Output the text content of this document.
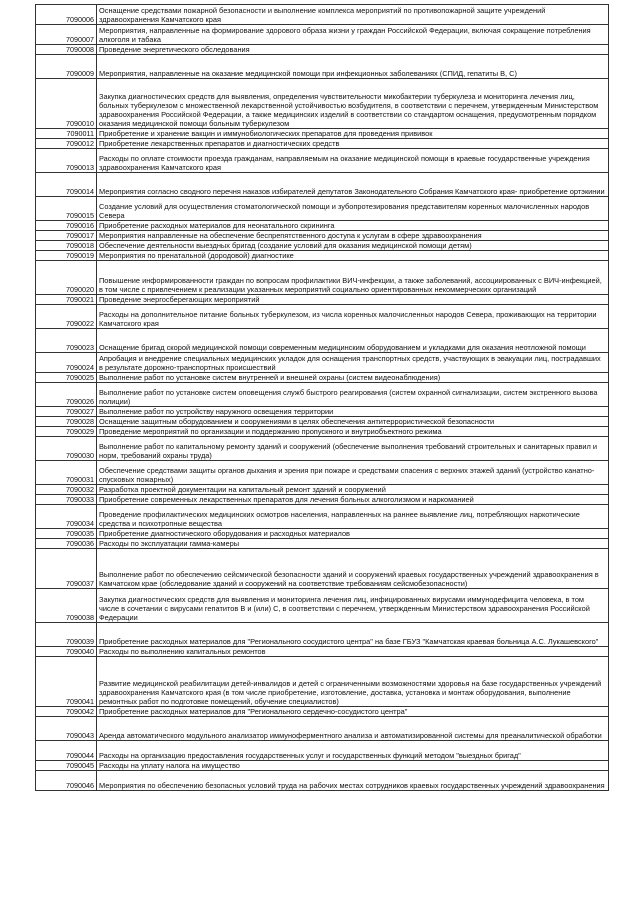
7090006	Оснащение средствами пожарной безопасности и выполнение комплекса мероприятий по противопожарной защите учреждений здравоохранения Камчатского края
7090007	Мероприятия, направленные на формирование здорового образа жизни у граждан Российской Федерации, включая сокращение потребления алкоголя и табака
7090008	Проведение энергетического обследования
7090009	Мероприятия, направленные на оказание медицинской помощи при инфекционных заболеваниях (СПИД, гепатиты В, С)
7090010	Закупка диагностических средств для выявления, определения чувствительности микобактерии туберкулеза и мониторинга лечения лиц, больных туберкулезом с множественной лекарственной устойчивостью возбудителя, в соответствии с перечнем, утвержденным Министерством здравоохранения Российской Федерации, а также медицинских изделий в соответствии со стандартом оснащения, предусмотренным порядком оказания медицинской помощи больным туберкулезом
7090011	Приобретение и хранение вакцин и иммунобиологических препаратов для проведения прививок
7090012	Приобретение лекарственных препаратов и диагностических средств
7090013	Расходы по оплате стоимости проезда гражданам, направляемым на оказание медицинской помощи в краевые государственные учреждения здравоохранения Камчатского края
7090014	Мероприятия согласно сводного перечня наказов избирателей депутатов Законодательного Собрания Камчатского края- приобретение ортэкинии
7090015	Создание условий для осуществления стоматологической помощи и зубопротезирования представителям коренных малочисленных народов Севера
7090016	Приобретение расходных материалов для неонатального скрининга
7090017	Мероприятия направленные на обеспечение беспрепятственного доступа к услугам в сфере здравоохранения
7090018	Обеспечение деятельности выездных бригад (создание условий для оказания медицинской помощи детям)
7090019	Мероприятия по пренатальной (дородовой) диагностике
7090020	Повышение информированности граждан по вопросам профилактики ВИЧ-инфекции, а также заболеваний, ассоциированных с ВИЧ-инфекцией, в том числе с привлечением к реализации указанных мероприятий социально ориентированных некоммерческих организаций
7090021	Проведение энергосберегающих мероприятий
7090022	Расходы на дополнительное питание больных туберкулезом, из числа коренных малочисленных народов Севера, проживающих на территории Камчатского края
7090023	Оснащение бригад скорой медицинской помощи современным медицинским оборудованием и укладками для оказания неотложной помощи
7090024	Апробация и внедрение специальных медицинских укладок для оснащения транспортных средств, участвующих в эвакуации лиц, пострадавших в результате дорожно-транспортных происшествий
7090025	Выполнение работ по установке систем внутренней и внешней охраны (систем видеонаблюдения)
7090026	Выполнение работ по установке систем оповещения служб быстрого реагирования (систем охранной сигнализации, систем экстренного вызова полиции)
7090027	Выполнение работ по устройству наружного освещения территории
7090028	Оснащение защитным оборудованием и сооружениями в целях обеспечения антитеррористической безопасности
7090029	Проведение мероприятий по организации и поддержанию пропускного и внутриобъектного режима
7090030	Выполнение работ по капитальному ремонту зданий и сооружений (обеспечение выполнения требований строительных и санитарных правил и норм, требований охраны труда)
7090031	Обеспечение средствами защиты органов дыхания и зрения при пожаре и средствами спасения с верхних этажей зданий (устройство канатно-спусковых пожарных)
7090032	Разработка проектной документации на капитальный ремонт зданий и сооружений
7090033	Приобретение современных лекарственных препаратов для лечения больных алкоголизмом и наркоманией
7090034	Проведение профилактических медицинских осмотров населения, направленных на раннее выявление лиц, потребляющих наркотические средства и психотропные вещества
7090035	Приобретение диагностического оборудования и расходных материалов
7090036	Расходы по эксплуатации гамма-камеры
7090037	Выполнение работ по обеспечению сейсмической безопасности зданий и сооружений краевых государственных учреждений здравоохранения в Камчатском крае (обследование зданий и сооружений на соответствие требованиям сейсмобезопасности)
7090038	Закупка диагностических средств для выявления и мониторинга лечения лиц, инфицированных вирусами иммунодефицита человека, в том числе в сочетании с вирусами гепатитов В и (или) С, в соответствии с перечнем, утвержденным Министерством здравоохранения Российской Федерации
7090039	Приобретение расходных материалов для "Регионального сосудистого центра" на базе ГБУЗ "Камчатская краевая больница А.С. Лукашевского"
7090040	Расходы по выполнению капитальных ремонтов
7090041	Развитие медицинской реабилитации детей-инвалидов и детей с ограниченными возможностями здоровья на базе государственных учреждений здравоохранения Камчатского края (в том числе приобретение, изготовление, доставка, установка и монтаж оборудования, выполнение ремонтных работ по подготовке помещений, обучение специалистов)
7090042	Приобретение расходных материалов для "Регионального сердечно-сосудистого центра"
7090043	Аренда автоматического модульного анализатор иммуноферментного анализа и автоматизированной системы для преаналитической обработки
7090044	Расходы на организацию предоставления государственных услуг и государственных функций методом "выездных бригад"
7090045	Расходы на уплату налога на имущество
7090046	Мероприятия по обеспечению безопасных условий труда на рабочих местах сотрудников краевых государственных учреждений здравоохранения
